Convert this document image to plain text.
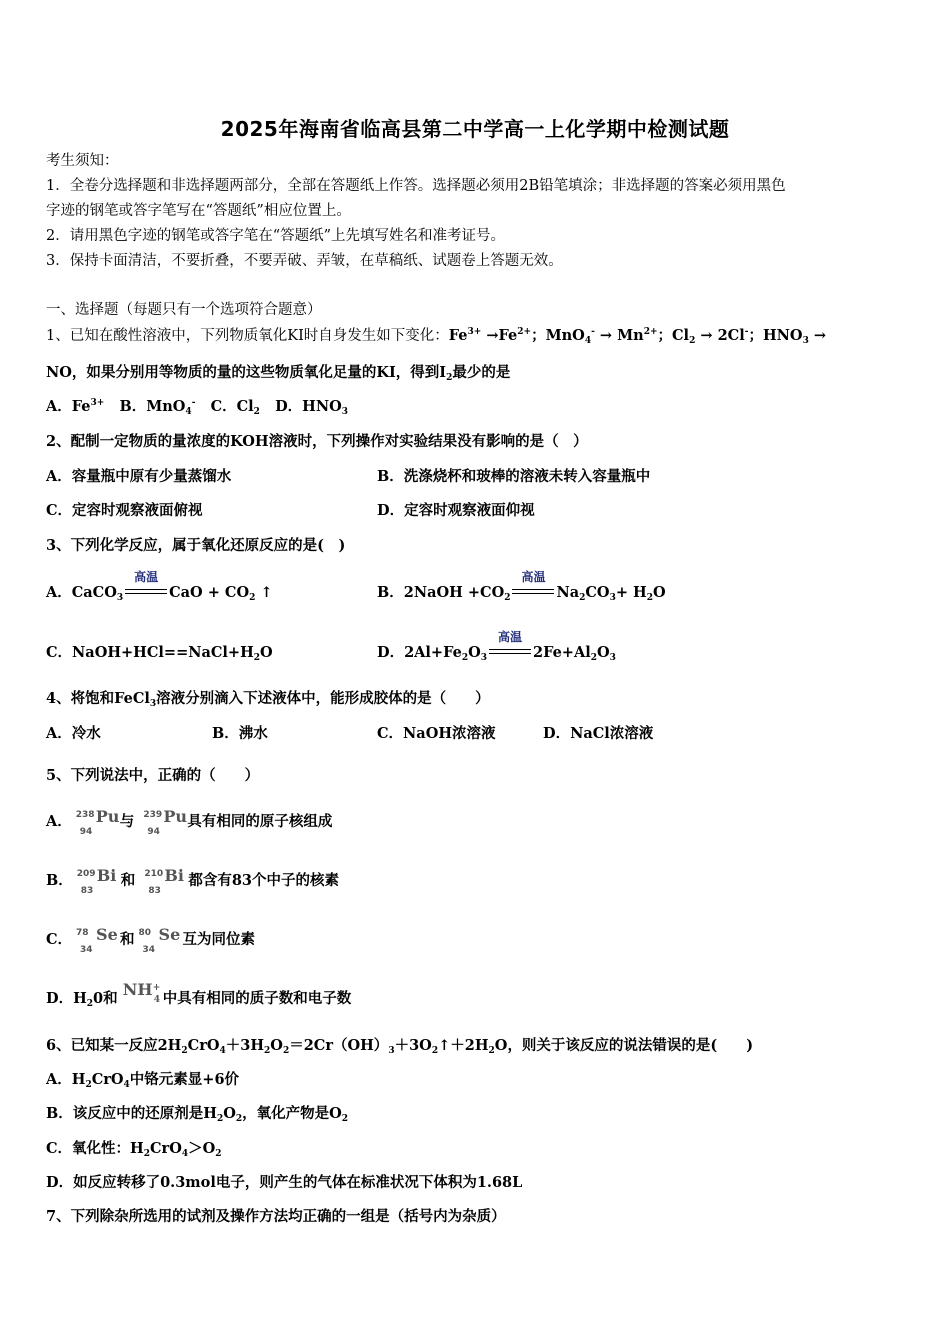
2025年海南省临高县第二中学高一上化学期中检测试题
考生须知：
1．全卷分选择题和非选择题两部分，全部在答题纸上作答。选择题必须用2B铅笔填涂；非选择题的答案必须用黑色
字迹的钢笔或答字笔写在“答题纸”相应位置上。
2．请用黑色字迹的钢笔或答字笔在“答题纸”上先填写姓名和准考证号。
3．保持卡面清洁，不要折叠，不要弄破、弄皱，在草稿纸、试题卷上答题无效。
一、选择题（每题只有一个选项符合题意）
1、已知在酸性溶液中，下列物质氧化KI时自身发生如下变化：$Fe^{3+} \to Fe^{2+}$；$MnO_4^- \to Mn^{2+}$；$Cl_2 \to 2Cl^-$；$HNO_3$ →
NO，如果分别用等物质的量的这些物质氧化足量的KI，得到$I_2$最少的是
A．$Fe^{3+}$   B．MnO$_4$-   C．$Cl_2$   D．$HNO_3$
2、配制一定物质的量浓度的KOH溶液时，下列操作对实验结果没有影响的是（　）
A．容量瓶中原有少量蒸馏水	B．洗涤烧杯和玻棒的溶液未转入容量瓶中
C．定容时观察液面俯视	D．定容时观察液面仰视
3、下列化学反应，属于氧化还原反应的是(　)
A．CaCO$_3$
高温
CaO + $CO_2$ ↑	B．2NaOH $+CO_2$
高温
$Na_2CO_3+ H_2O$
C．$NaOH+HCl==NaCl+H_2O$	D．$2Al+Fe_2O_3$
高温
$2Fe+Al_2O_3$
4、将饱和FeCl$_3$溶液分别滴入下述液体中，能形成胶体的是（　　）
A．冷水	B．沸水	C．NaOH浓溶液	D．NaCl浓溶液
5、下列说法中，正确的（　　）
A． 238
94
Pu 与 239
94
Pu 具有相同的原子核组成
B． 209
83
Bi 和 210
83
Bi 都含有83个中子的核素
C． 78
34
Se 和 80
34
Se 互为同位素
D．$H_20$和 NH +
4 中具有相同的质子数和电子数
6、已知某一反应$2H_2CrO_4+3H_2O_2=2Cr(OH)_3+3O_2↑+2H_2O$，则关于该反应的说法错误的是(　　)
A．$H_2CrO_4$中铬元素显+6价
B．该反应中的还原剂是$H_2O_2$，氧化产物是$O_2$
C．氧化性：$H_2CrO_4>O_2$
D．如反应转移了0.3mol电子，则产生的气体在标准状况下体积为1.68L
7、下列除杂所选用的试剂及操作方法均正确的一组是（括号内为杂质）
